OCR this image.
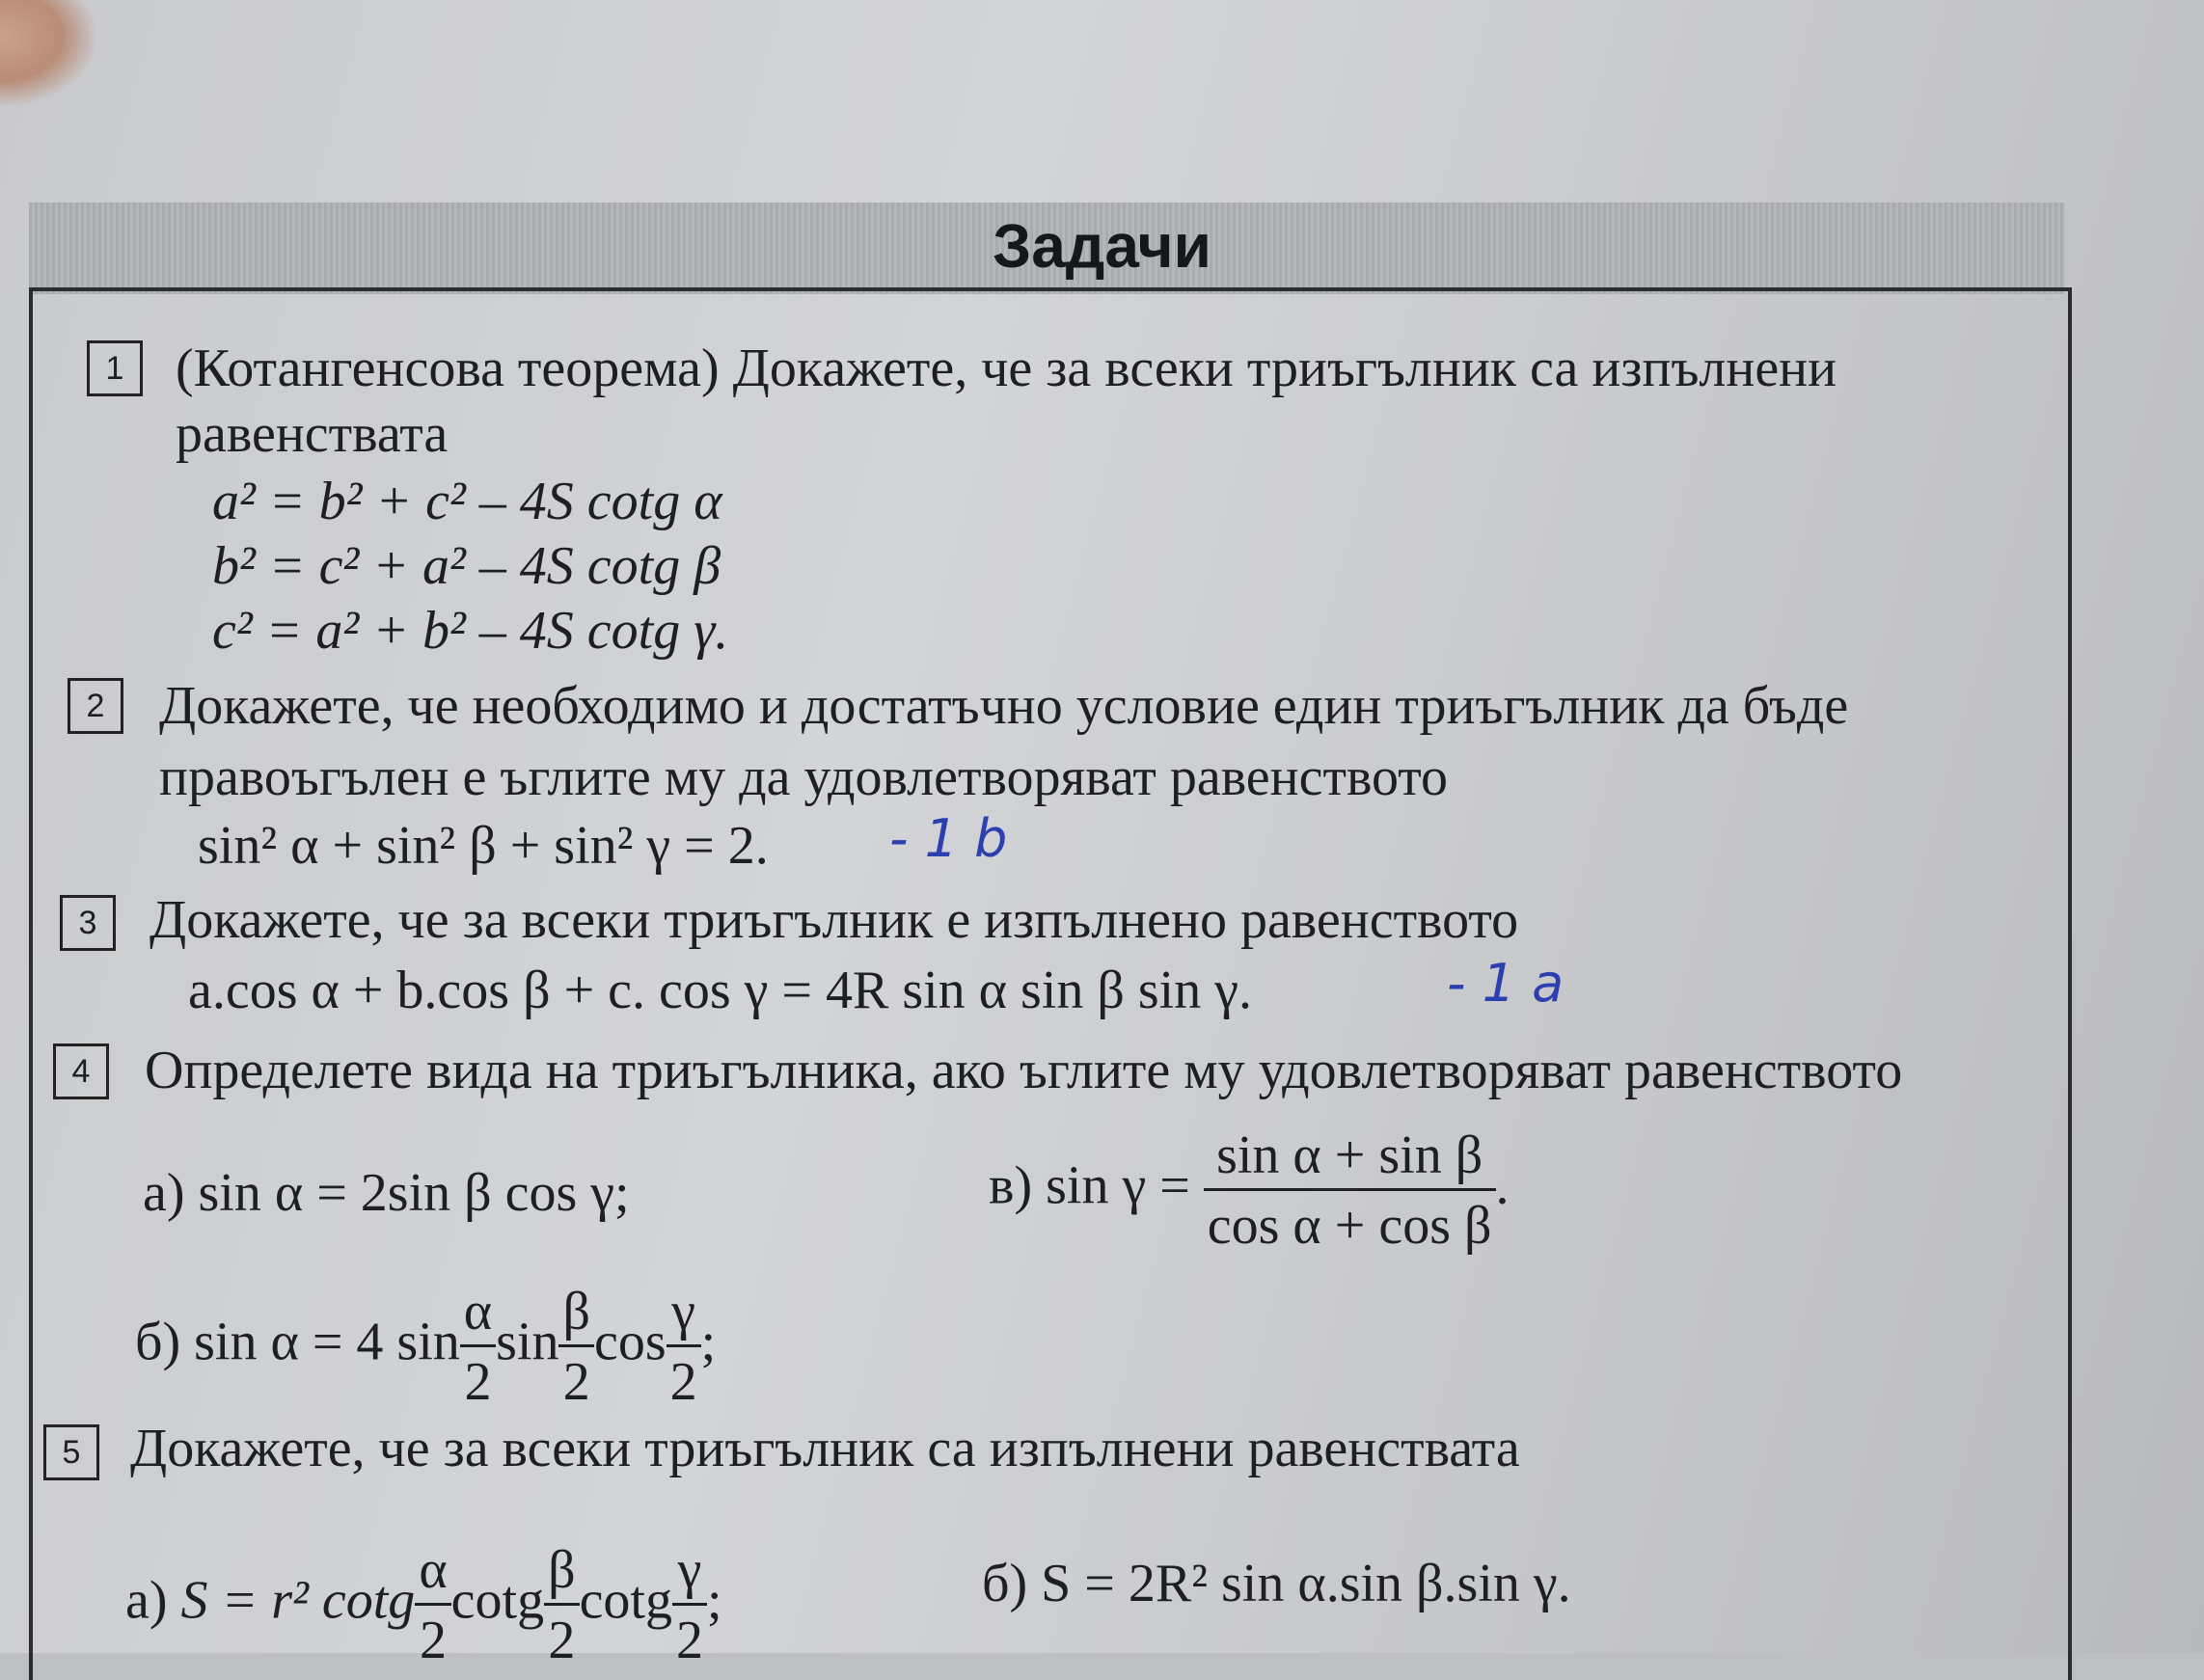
Задачи
1 (Котангенсова теорема) Докажете, че за всеки триъгълник са изпълнени
равенствата
a² = b² + c² – 4S cotg α
b² = c² + a² – 4S cotg β
c² = a² + b² – 4S cotg γ.
2	Докажете, че необходимо и достатъчно условие един триъгълник да бъде
правоъгълен е ъглите му да удовлетворяват равенството
sin² α + sin² β + sin² γ = 2. - 1 b
3 Докажете, че за всеки триъгълник е изпълнено равенството
a.cos α + b.cos β + c. cos γ = 4R sin α sin β sin γ.	- 1 a
4	Определете вида на триъгълника, ако ъглите му удовлетворяват равенството
а) sin α = 2sin β cos γ;	в) $\sin \gamma = \frac{\text{sin α + sin β}}{\text{cos α + cos β}}$ .
б) sin α = 4 $\sin \frac{\alpha}{2}$ $\sin \frac{\beta}{2}$ $\cos \frac{\gamma}{2}$ ;
5 Докажете, че за всеки триъгълник са изпълнени равенствата
а) S = r² cotg $\frac{\alpha}{2}$ cotg $\frac{\beta}{2}$ cotg $\frac{\gamma}{2}$ ;	б) S = 2R² sin α.sin β.sin γ.
